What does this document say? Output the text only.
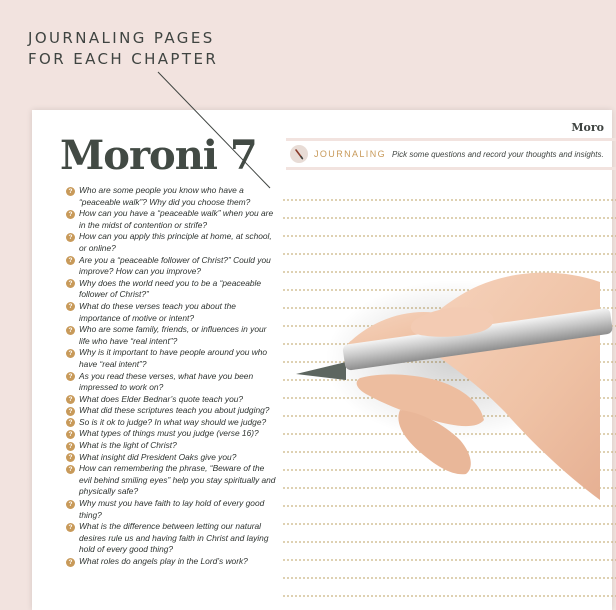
JOURNALING PAGES
FOR EACH CHAPTER
Moro
Moroni 7	JOURNALING Pick some questions and record your thoughts and insights.
? Who are some people you know who have a “peaceable walk”? Why did you choose them?
? How can you have a “peaceable walk” when you are in the midst of contention or strife?
? How can you apply this principle at home, at school, or online?
? Are you a “peaceable follower of Christ?” Could you improve? How can you improve?
? Why does the world need you to be a “peaceable follower of Christ?”
? What do these verses teach you about the importance of motive or intent?
? Who are some family, friends, or influences in your life who have “real intent”?
? Why is it important to have people around you who have “real intent”?
? As you read these verses, what have you been impressed to work on?
? What does Elder Bednar’s quote teach you?
? What did these scriptures teach you about judging?
? So is it ok to judge? In what way should we judge?
? What types of things must you judge (verse 16)?
? What is the light of Christ?
? What insight did President Oaks give you?
? How can remembering the phrase, “Beware of the evil behind smiling eyes” help you stay spiritually and physically safe?
? Why must you have faith to lay hold of every good thing?
? What is the difference between letting our natural desires rule us and having faith in Christ and laying hold of every good thing?
? What roles do angels play in the Lord’s work?
